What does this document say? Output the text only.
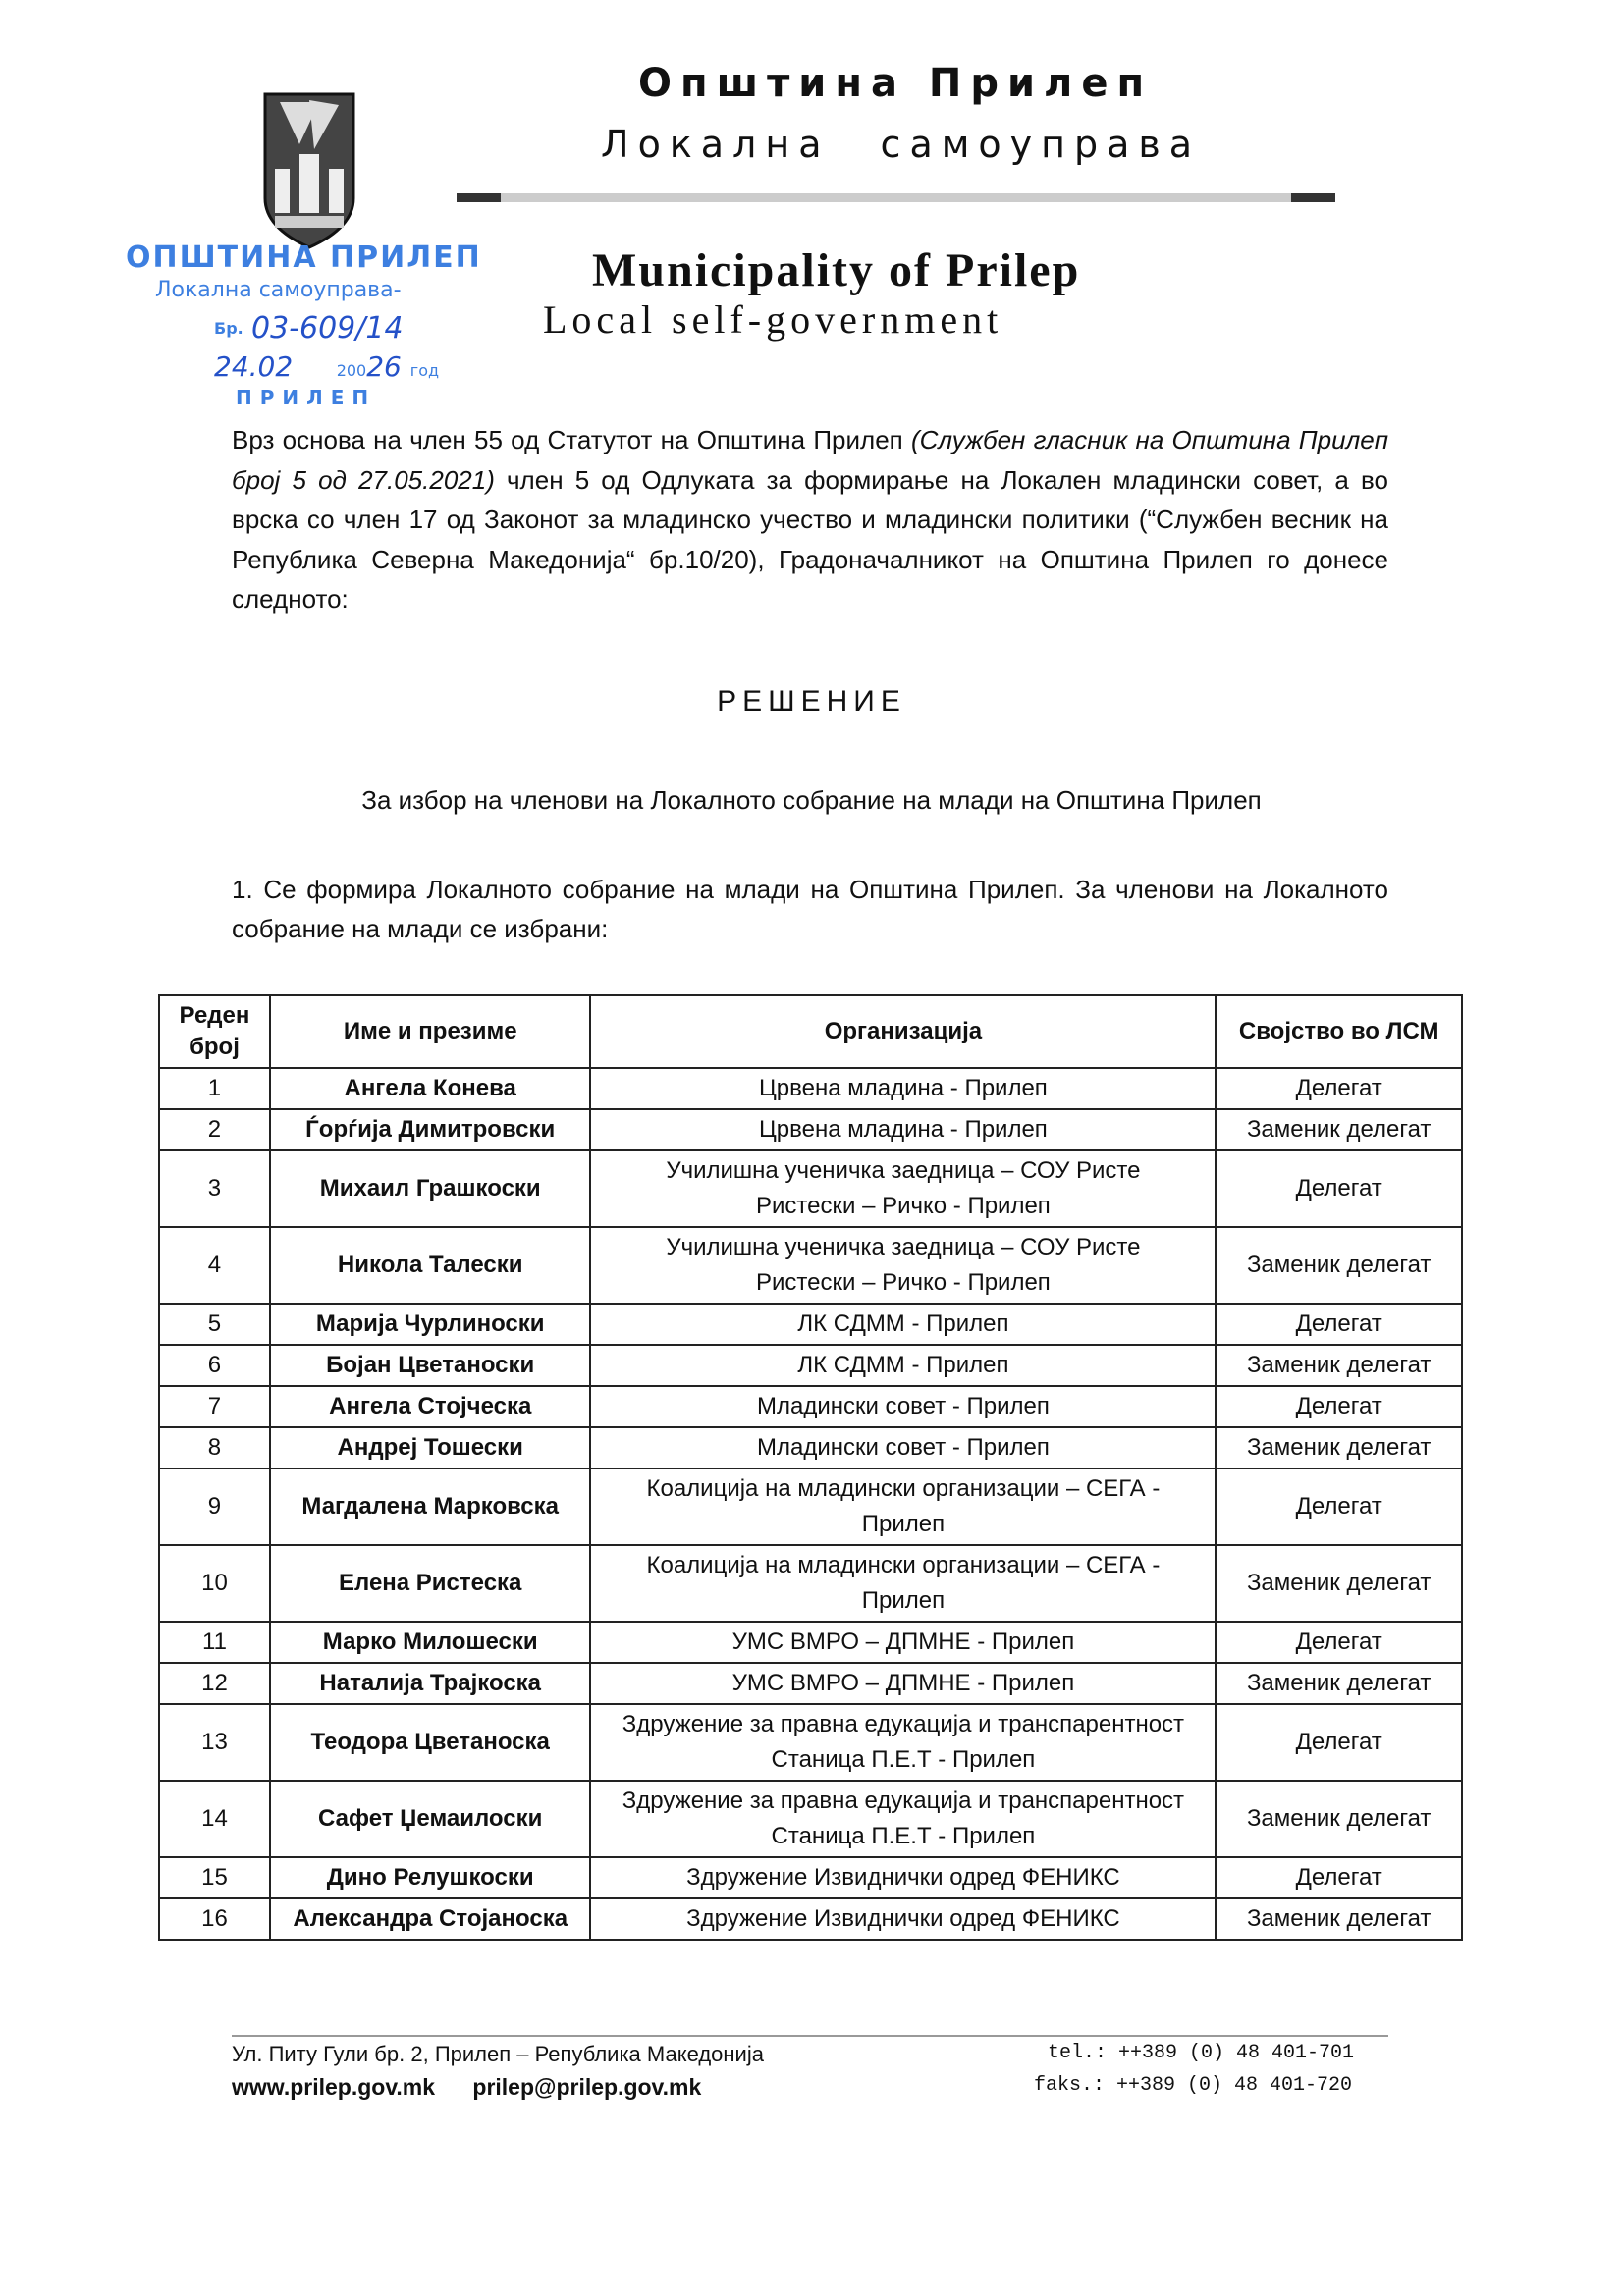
Општина Прилеп
Локална самоуправа
Municipality of Prilep
Local self-government
ОПШТИНА ПРИЛЕП
Локална самоуправа-
Бр. 03-609/14
24.02	20026 год
ПРИЛЕП
Врз основа на член 55 од Статутот на Општина Прилеп (Службен гласник на Општина Прилеп број 5 од 27.05.2021) член 5 од Одлуката за формирање на Локален младински совет, а во врска со член 17 од Законот за младинско учество и младински политики (“Службен весник на Република Северна Македонија“ бр.10/20), Градоначалникот на Општина Прилеп го донесе следното:
РЕШЕНИЕ
За избор на членови на Локалното собрание на млади на Општина Прилеп
1. Се формира Локалното собрание на млади на Општина Прилеп. За членови на Локалното собрание на млади се избрани:
Реден број	Име и презиме	Организација	Својство во ЛСМ
1	Ангела Конева	Црвена младина - Прилеп	Делегат
2	Ѓорѓија Димитровски	Црвена младина - Прилеп	Заменик делегат
3	Михаил Грашкоски	Училишна ученичка заедница – СОУ Ристе Ристески – Ричко - Прилеп	Делегат
4	Никола Талески	Училишна ученичка заедница – СОУ Ристе Ристески – Ричко - Прилеп	Заменик делегат
5	Марија Чурлиноски	ЛК СДММ - Прилеп	Делегат
6	Бојан Цветаноски	ЛК СДММ - Прилеп	Заменик делегат
7	Ангела Стојческа	Младински совет - Прилеп	Делегат
8	Андреј Тошески	Младински совет - Прилеп	Заменик делегат
9	Магдалена Марковска	Коалиција на младински организации – СЕГА - Прилеп	Делегат
10	Елена Ристеска	Коалиција на младински организации – СЕГА - Прилеп	Заменик делегат
11	Марко Милошески	УМС ВМРО – ДПМНЕ - Прилеп	Делегат
12	Наталија Трајкоска	УМС ВМРО – ДПМНЕ - Прилеп	Заменик делегат
13	Теодора Цветаноска	Здружение за правна едукација и транспарентност Станица П.Е.Т - Прилеп	Делегат
14	Сафет Џемаилоски	Здружение за правна едукација и транспарентност Станица П.Е.Т - Прилеп	Заменик делегат
15	Дино Релушкоски	Здружение Извиднички одред ФЕНИКС	Делегат
16	Александра Стојаноска	Здружение Извиднички одред ФЕНИКС	Заменик делегат
Ул. Питу Гули бр. 2, Прилеп – Република Македонија
www.prilep.gov.mk prilep@prilep.gov.mk
tel.: ++389 (0) 48 401-701
faks.: ++389 (0) 48 401-720
